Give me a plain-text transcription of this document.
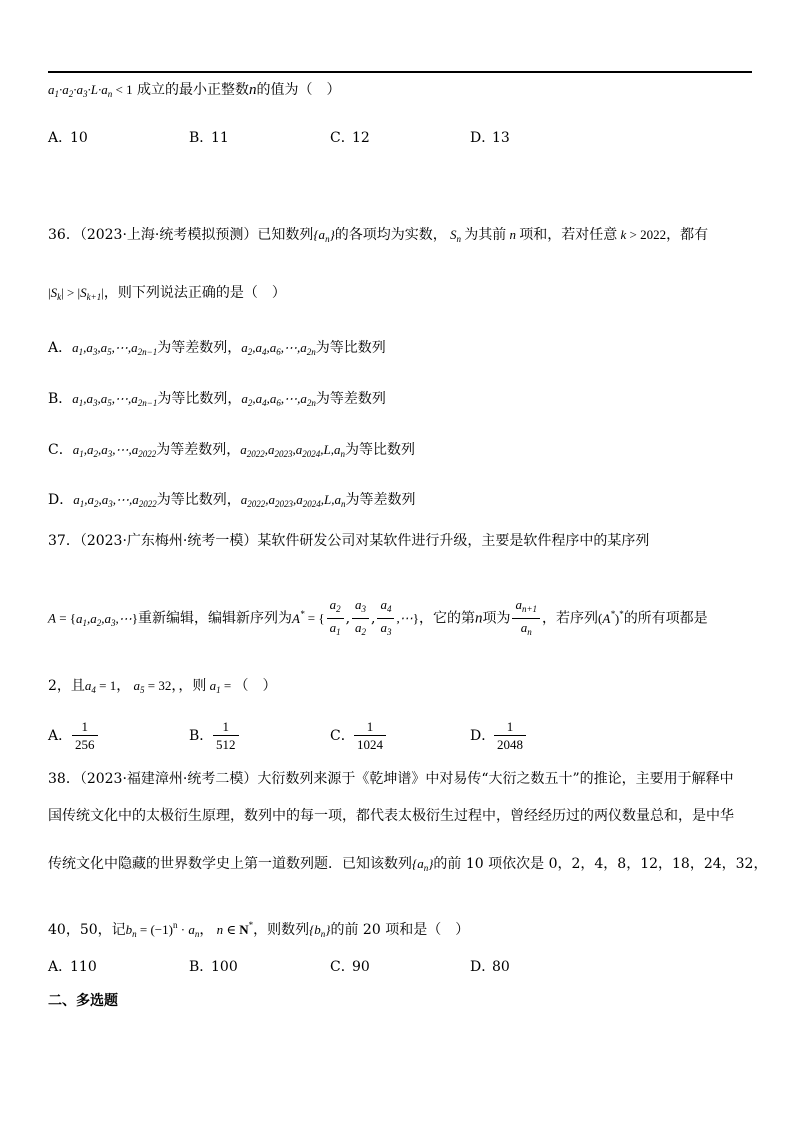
$a_1\cdot a_2\cdot a_3\cdot L\cdot a_n < 1$ 成立的最小正整数n的值为（　）
A．10	B．11	C．12	D．13
36．（2023·上海·统考模拟预测）已知数列$\{a_n\}$的各项均为实数， $S_n$ 为其前 n 项和，若对任意 k > 2022，都有
$|S_k| > |S_{k+1}|$，则下列说法正确的是（　）
A．$a_1,a_3,a_5,\cdots,a_{2n-1}$为等差数列，$a_2,a_4,a_6,\cdots,a_{2n}$为等比数列
B．$a_1,a_3,a_5,\cdots,a_{2n-1}$为等比数列，$a_2,a_4,a_6,\cdots,a_{2n}$为等差数列
C．$a_1,a_2,a_3,\cdots,a_{2022}$为等差数列，$a_{2022},a_{2023},a_{2024},L,a_n$为等比数列
D．$a_1,a_2,a_3,\cdots,a_{2022}$为等比数列，$a_{2022},a_{2023},a_{2024},L,a_n$为等差数列
37．（2023·广东梅州·统考一模）某软件研发公司对某软件进行升级，主要是软件程序中的某序列
$A = \{a_1,a_2,a_3,\cdots\}$重新编辑，编辑新序列为A* = { $\frac{a_2}{a_1}$ , $\frac{a_3}{a_2}$ , $\frac{a_4}{a_3}$ ,⋯}，它的第n项为 $\frac{a_{n+1}}{a_n}$ ，若序列(A*)*的所有项都是
2，且$a_4 = 1$， $a_5 = 32$，，则 $a_1$ = （　）
A． $\frac{1}{256}$	B． $\frac{1}{512}$	C． $\frac{1}{1024}$	D．
$\frac{1}{2048}$
38．（2023·福建漳州·统考二模）大衍数列来源于《乾坤谱》中对易传“大衍之数五十”的推论，主要用于解释中
国传统文化中的太极衍生原理，数列中的每一项，都代表太极衍生过程中，曾经经历过的两仪数量总和，是中华
传统文化中隐藏的世界数学史上第一道数列题．已知该数列$\{a_n\}$的前 10 项依次是 0，2，4，8，12，18，24，32，
40，50，记$b_n = (-1)^n \cdot a_n$， n ∈ N*，则数列$\{b_n\}$的前 20 项和是（　）
A．110	B．100	C．90	D．80
二、多选题
